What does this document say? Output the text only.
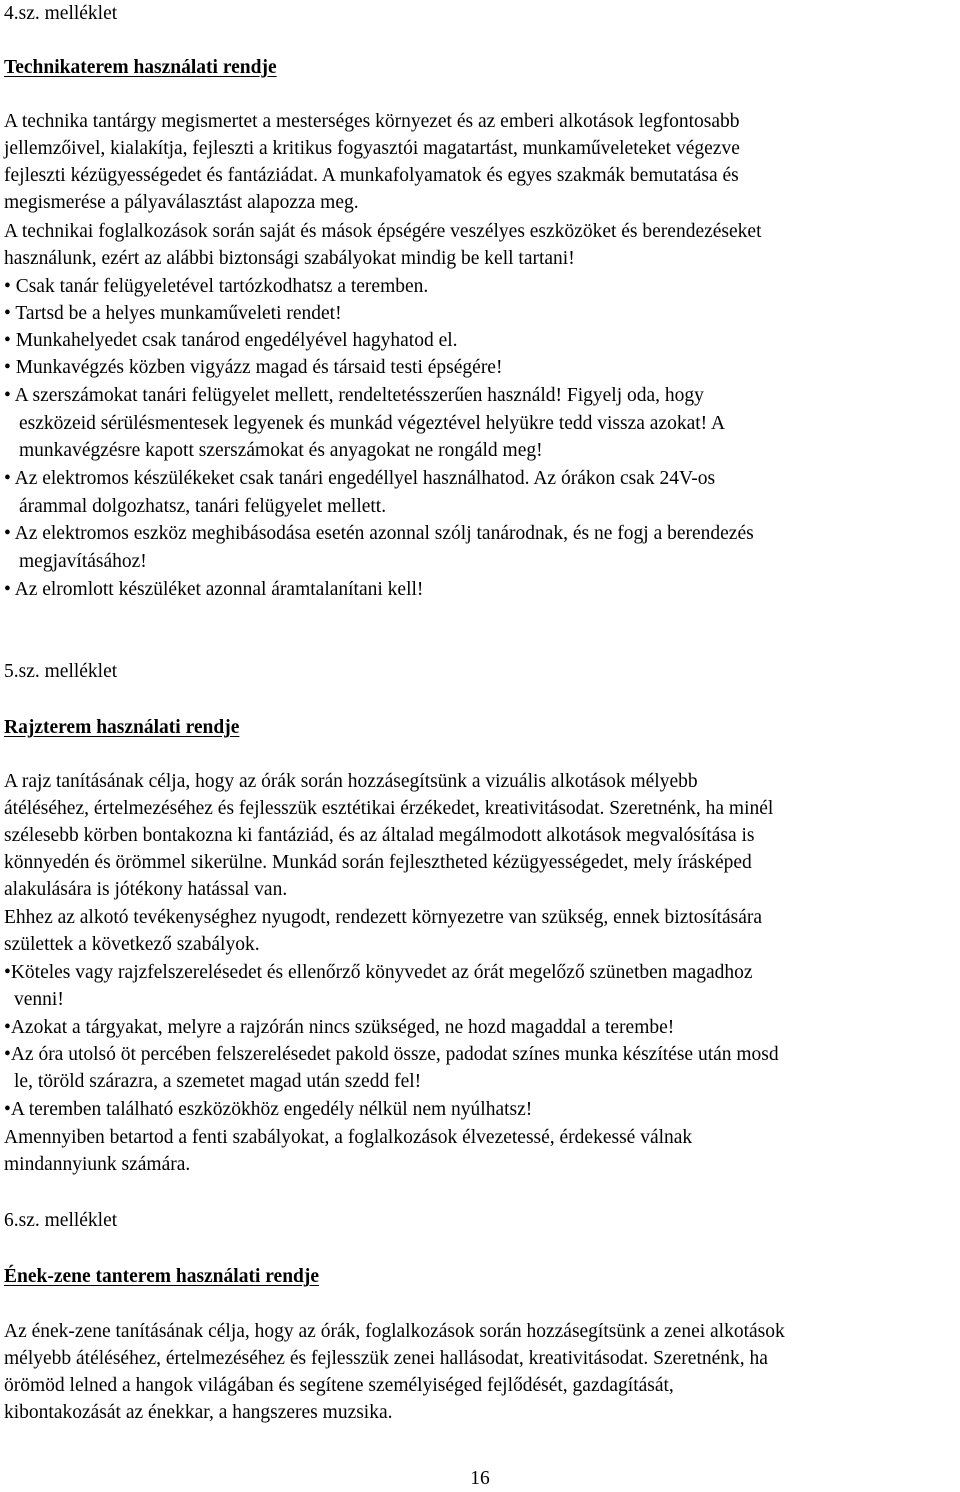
4.sz. melléklet
Technikaterem használati rendje
A technika tantárgy megismertet a mesterséges környezet és az emberi alkotások legfontosabb
jellemzőivel, kialakítja, fejleszti a kritikus fogyasztói magatartást, munkaműveleteket végezve
fejleszti kézügyességedet és fantáziádat. A munkafolyamatok és egyes szakmák bemutatása és
megismerése a pályaválasztást alapozza meg.
A technikai foglalkozások során saját és mások épségére veszélyes eszközöket és berendezéseket
használunk, ezért az alábbi biztonsági szabályokat mindig be kell tartani!
• Csak tanár felügyeletével tartózkodhatsz a teremben.
• Tartsd be a helyes munkaműveleti rendet!
• Munkahelyedet csak tanárod engedélyével hagyhatod el.
• Munkavégzés közben vigyázz magad és társaid testi épségére!
• A szerszámokat tanári felügyelet mellett, rendeltetésszerűen használd! Figyelj oda, hogy
eszközeid sérülésmentesek legyenek és munkád végeztével helyükre tedd vissza azokat! A
munkavégzésre kapott szerszámokat és anyagokat ne rongáld meg!
• Az elektromos készülékeket csak tanári engedéllyel használhatod. Az órákon csak 24V-os
árammal dolgozhatsz, tanári felügyelet mellett.
• Az elektromos eszköz meghibásodása esetén azonnal szólj tanárodnak, és ne fogj a berendezés
megjavításához!
• Az elromlott készüléket azonnal áramtalanítani kell!
5.sz. melléklet
Rajzterem használati rendje
A rajz tanításának célja, hogy az órák során hozzásegítsünk a vizuális alkotások mélyebb
átéléséhez, értelmezéséhez és fejlesszük esztétikai érzékedet, kreativitásodat. Szeretnénk, ha minél
szélesebb körben bontakozna ki fantáziád, és az általad megálmodott alkotások megvalósítása is
könnyedén és örömmel sikerülne. Munkád során fejlesztheted kézügyességedet, mely írásképed
alakulására is jótékony hatással van.
Ehhez az alkotó tevékenységhez nyugodt, rendezett környezetre van szükség, ennek biztosítására
születtek a következő szabályok.
•Köteles vagy rajzfelszerelésedet és ellenőrző könyvedet az órát megelőző szünetben magadhoz
venni!
•Azokat a tárgyakat, melyre a rajzórán nincs szükséged, ne hozd magaddal a terembe!
•Az óra utolsó öt percében felszerelésedet pakold össze, padodat színes munka készítése után mosd
le, töröld szárazra, a szemetet magad után szedd fel!
•A teremben található eszközökhöz engedély nélkül nem nyúlhatsz!
Amennyiben betartod a fenti szabályokat, a foglalkozások élvezetessé, érdekessé válnak
mindannyiunk számára.
6.sz. melléklet
Ének-zene tanterem használati rendje
Az ének-zene tanításának célja, hogy az órák, foglalkozások során hozzásegítsünk a zenei alkotások
mélyebb átéléséhez, értelmezéséhez és fejlesszük zenei hallásodat, kreativitásodat. Szeretnénk, ha
örömöd lelned a hangok világában és segítene személyiséged fejlődését, gazdagítását,
kibontakozását az énekkar, a hangszeres muzsika.
16
